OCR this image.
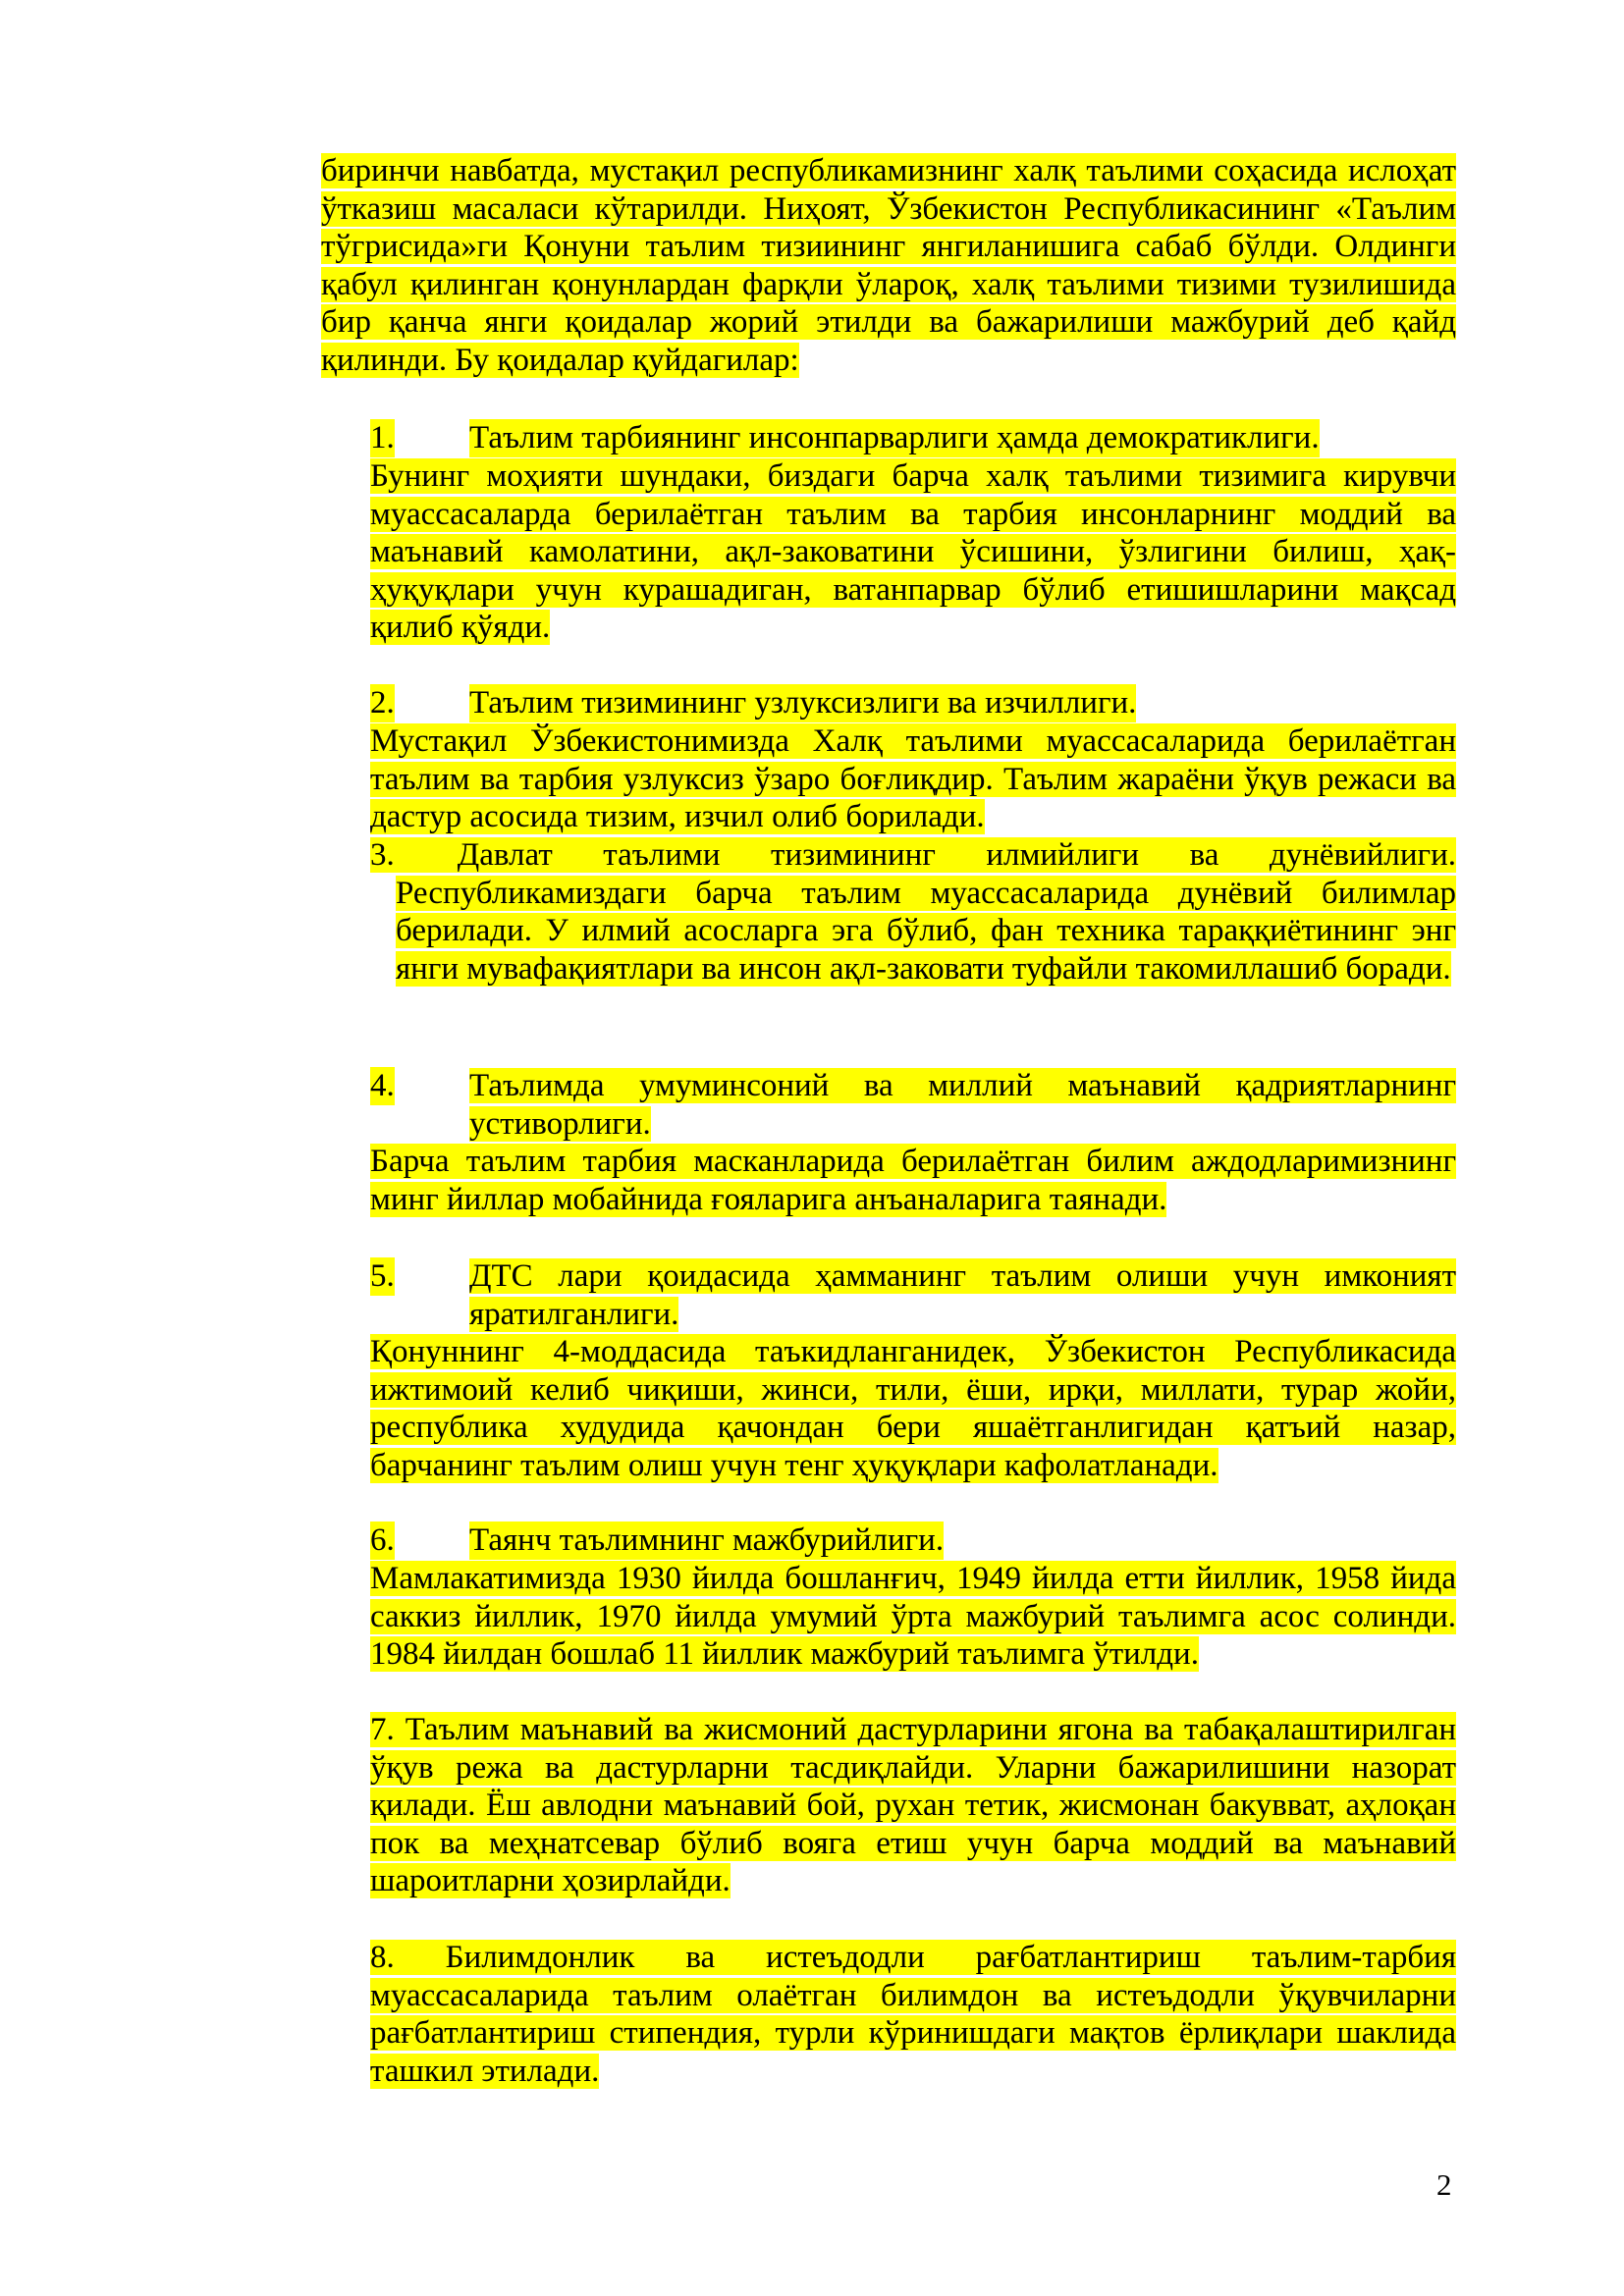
биринчи навбатда, мустақил республикамизнинг халқ таълими соҳасида ислоҳат ўтказиш масаласи кўтарилди. Ниҳоят, Ўзбекистон Республикасининг «Таълим тўгрисида»ги Қонуни таълим тизиининг янгиланишига сабаб бўлди. Олдинги қабул қилинган қонунлардан фарқли ўлароқ, халқ таълими тизими тузилишида бир қанча янги қоидалар жорий этилди ва бажарилиши мажбурий деб қайд қилинди. Бу қоидалар қуйдагилар:

1. Таълим тарбиянинг инсонпарварлиги ҳамда демократиклиги.

Бунинг моҳияти шундаки, биздаги барча халқ таълими тизимига кирувчи муассасаларда берилаётган таълим ва тарбия инсонларнинг моддий ва маънавий камолатини, ақл-заковатини ўсишини, ўзлигини билиш, ҳақ-ҳуқуқлари учун курашадиган, ватанпарвар бўлиб етишишларини мақсад қилиб қўяди.

2. Таълим тизимининг узлуксизлиги ва изчиллиги.

Мустақил Ўзбекистонимизда Халқ таълими муассасаларида берилаётган таълим ва тарбия узлуксиз ўзаро боғлиқдир. Таълим жараёни ўқув режаси ва дастур асосида тизим, изчил олиб борилади.

3. Давлат таълими тизимининг илмийлиги ва дунёвийлиги.
Республикамиздаги барча таълим муассасаларида дунёвий билимлар берилади. У илмий асосларга эга бўлиб, фан техника тараққиётининг энг янги мувафақиятлари ва инсон ақл-заковати туфайли такомиллашиб боради.
4. Таълимда умуминсоний ва миллий маънавий қадриятларнинг устиворлиги.

Барча таълим тарбия масканларида берилаётган билим аждодларимизнинг минг йиллар мобайнида ғояларига анъаналарига таянади.

5. ДТС лари қоидасида ҳамманинг таълим олиши учун имконият яратилганлиги.

Қонуннинг 4-моддасида таъкидланганидек, Ўзбекистон Республикасида ижтимоий келиб чиқиши, жинси, тили, ёши, ирқи, миллати, турар жойи, республика худудида қачондан бери яшаётганлигидан қатъий назар, барчанинг таълим олиш учун тенг ҳуқуқлари кафолатланади.

6. Таянч таълимнинг мажбурийлиги.

Мамлакатимизда 1930 йилда бошланғич, 1949 йилда етти йиллик, 1958 йида саккиз йиллик, 1970 йилда умумий ўрта мажбурий таълимга асос солинди. 1984 йилдан бошлаб 11 йиллик мажбурий таълимга ўтилди.

7. Таълим маънавий ва жисмоний дастурларини ягона ва табақалаштирилган ўқув режа ва дастурларни тасдиқлайди. Уларни бажарилишини назорат қилади. Ёш авлодни маънавий бой, рухан тетик, жисмонан бакувват, аҳлоқан пок ва меҳнатсевар бўлиб вояга етиш учун барча моддий ва маънавий шароитларни ҳозирлайди.

8. Билимдонлик ва истеъдодли рағбатлантириш таълим-тарбия муассасаларида таълим олаётган билимдон ва истеъдодли ўқувчиларни рағбатлантириш стипендия, турли кўринишдаги мақтов ёрлиқлари шаклида ташкил этилади.

2
